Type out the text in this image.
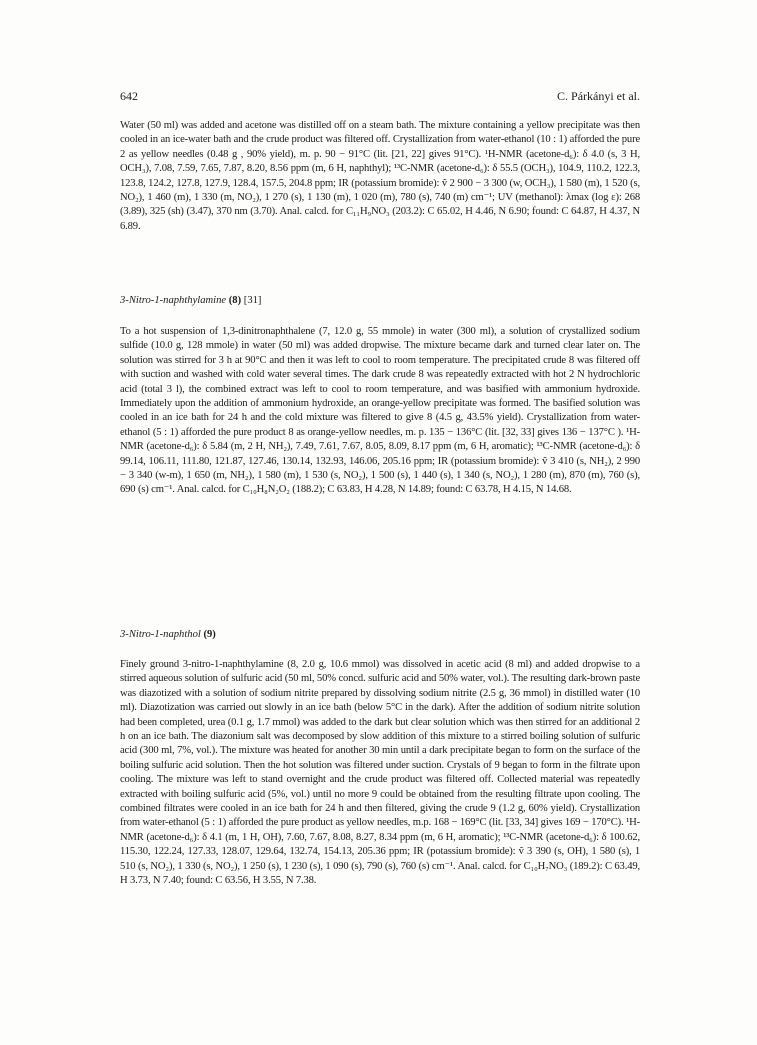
642	C. Párkányi et al.

Water (50 ml) was added and acetone was distilled off on a steam bath. The mixture containing a yellow precipitate was then cooled in an ice-water bath and the crude product was filtered off. Crystallization from water-ethanol (10 : 1) afforded the pure 2 as yellow needles (0.48 g , 90% yield), m. p. 90 − 91°C (lit. [21, 22] gives 91°C). ¹H-NMR (acetone-d₆): δ 4.0 (s, 3 H, OCH₃), 7.08, 7.59, 7.65, 7.87, 8.20, 8.56 ppm (m, 6 H, naphthyl); ¹³C-NMR (acetone-d₆): δ 55.5 (OCH₃), 104.9, 110.2, 122.3, 123.8, 124.2, 127.8, 127.9, 128.4, 157.5, 204.8 ppm; IR (potassium bromide): ṽ 2 900 − 3 300 (w, OCH₃), 1 580 (m), 1 520 (s, NO₂), 1 460 (m), 1 330 (m, NO₂), 1 270 (s), 1 130 (m), 1 020 (m), 780 (s), 740 (m) cm⁻¹; UV (methanol): λmax (log ε): 268 (3.89), 325 (sh) (3.47), 370 nm (3.70). Anal. calcd. for C₁₁H₉NO₃ (203.2): C 65.02, H 4.46, N 6.90; found: C 64.87, H 4.37, N 6.89.

3-Nitro-1-naphthylamine (8) [31]

To a hot suspension of 1,3-dinitronaphthalene (7, 12.0 g, 55 mmole) in water (300 ml), a solution of crystallized sodium sulfide (10.0 g, 128 mmole) in water (50 ml) was added dropwise. The mixture became dark and turned clear later on. The solution was stirred for 3 h at 90°C and then it was left to cool to room temperature. The precipitated crude 8 was filtered off with suction and washed with cold water several times. The dark crude 8 was repeatedly extracted with hot 2 N hydrochloric acid (total 3 l), the combined extract was left to cool to room temperature, and was basified with ammonium hydroxide. Immediately upon the addition of ammonium hydroxide, an orange-yellow precipitate was formed. The basified solution was cooled in an ice bath for 24 h and the cold mixture was filtered to give 8 (4.5 g, 43.5% yield). Crystallization from water-ethanol (5 : 1) afforded the pure product 8 as orange-yellow needles, m. p. 135 − 136°C (lit. [32, 33] gives 136 − 137°C ). ¹H-NMR (acetone-d₆): δ 5.84 (m, 2 H, NH₂), 7.49, 7.61, 7.67, 8.05, 8.09, 8.17 ppm (m, 6 H, aromatic); ¹³C-NMR (acetone-d₆): δ 99.14, 106.11, 111.80, 121.87, 127.46, 130.14, 132.93, 146.06, 205.16 ppm; IR (potassium bromide): ṽ 3 410 (s, NH₂), 2 990 − 3 340 (w-m), 1 650 (m, NH₂), 1 580 (m), 1 530 (s, NO₂), 1 500 (s), 1 440 (s), 1 340 (s, NO₂), 1 280 (m), 870 (m), 760 (s), 690 (s) cm⁻¹. Anal. calcd. for C₁₀H₈N₂O₂ (188.2); C 63.83, H 4.28, N 14.89; found: C 63.78, H 4.15, N 14.68.

3-Nitro-1-naphthol (9)

Finely ground 3-nitro-1-naphthylamine (8, 2.0 g, 10.6 mmol) was dissolved in acetic acid (8 ml) and added dropwise to a stirred aqueous solution of sulfuric acid (50 ml, 50% concd. sulfuric acid and 50% water, vol.). The resulting dark-brown paste was diazotized with a solution of sodium nitrite prepared by dissolving sodium nitrite (2.5 g, 36 mmol) in distilled water (10 ml). Diazotization was carried out slowly in an ice bath (below 5°C in the dark). After the addition of sodium nitrite solution had been completed, urea (0.1 g, 1.7 mmol) was added to the dark but clear solution which was then stirred for an additional 2 h on an ice bath. The diazonium salt was decomposed by slow addition of this mixture to a stirred boiling solution of sulfuric acid (300 ml, 7%, vol.). The mixture was heated for another 30 min until a dark precipitate began to form on the surface of the boiling sulfuric acid solution. Then the hot solution was filtered under suction. Crystals of 9 began to form in the filtrate upon cooling. The mixture was left to stand overnight and the crude product was filtered off. Collected material was repeatedly extracted with boiling sulfuric acid (5%, vol.) until no more 9 could be obtained from the resulting filtrate upon cooling. The combined filtrates were cooled in an ice bath for 24 h and then filtered, giving the crude 9 (1.2 g, 60% yield). Crystallization from water-ethanol (5 : 1) afforded the pure product as yellow needles, m.p. 168 − 169°C (lit. [33, 34] gives 169 − 170°C). ¹H-NMR (acetone-d₆): δ 4.1 (m, 1 H, OH), 7.60, 7.67, 8.08, 8.27, 8.34 ppm (m, 6 H, aromatic); ¹³C-NMR (acetone-d₆): δ 100.62, 115.30, 122.24, 127.33, 128.07, 129.64, 132.74, 154.13, 205.36 ppm; IR (potassium bromide): ṽ 3 390 (s, OH), 1 580 (s), 1 510 (s, NO₂), 1 330 (s, NO₂), 1 250 (s), 1 230 (s), 1 090 (s), 790 (s), 760 (s) cm⁻¹. Anal. calcd. for C₁₀H₇NO₃ (189.2): C 63.49, H 3.73, N 7.40; found: C 63.56, H 3.55, N 7.38.
